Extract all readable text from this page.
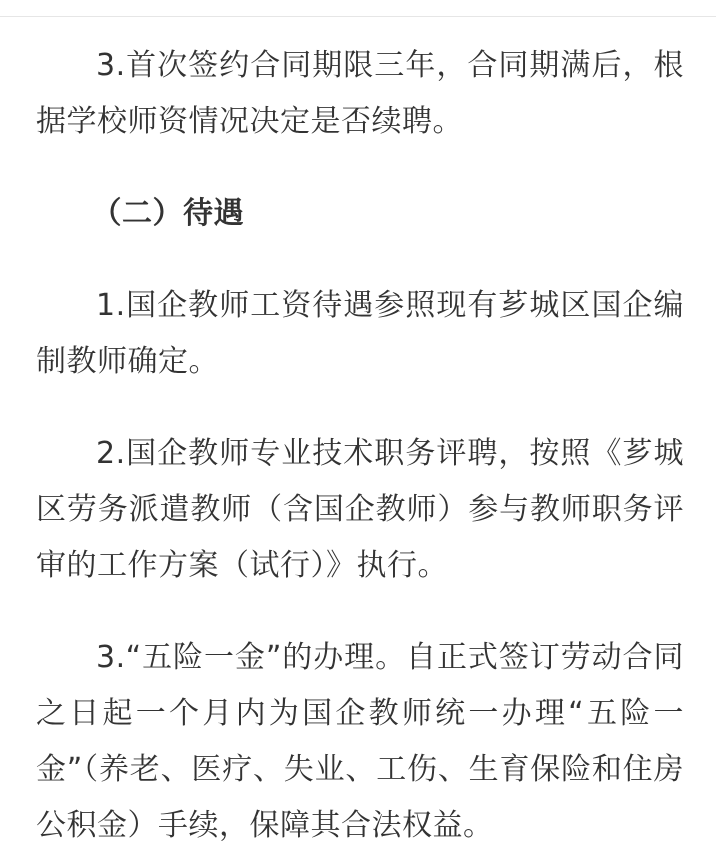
3.首次签约合同期限三年，合同期满后，根据学校师资情况决定是否续聘。

（二）待遇

1.国企教师工资待遇参照现有芗城区国企编制教师确定。

2.国企教师专业技术职务评聘，按照《芗城区劳务派遣教师（含国企教师）参与教师职务评审的工作方案（试行）》执行。

3.“五险一金”的办理。自正式签订劳动合同之日起一个月内为国企教师统一办理“五险一金”（养老、医疗、失业、工伤、生育保险和住房公积金）手续，保障其合法权益。
